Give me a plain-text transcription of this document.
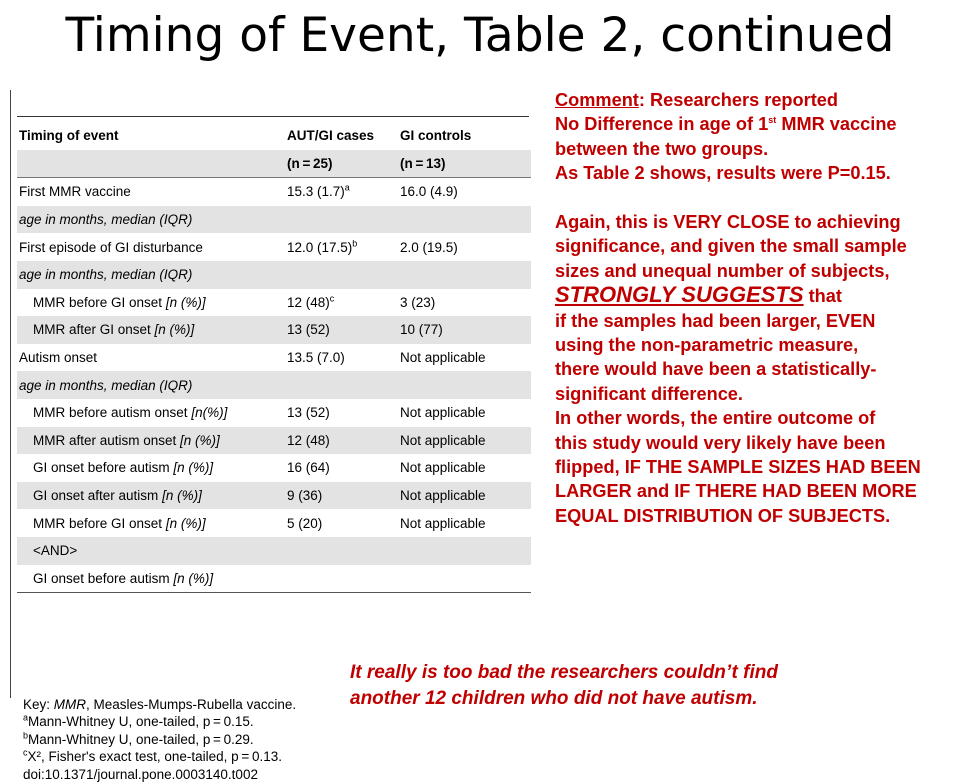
Timing of Event, Table 2, continued
Timing of event	AUT/GI cases	GI controls
	(n = 25)	(n = 13)
First MMR vaccine	15.3 $(1.7)^a$	16.0 (4.9)
age in months, median (IQR)		
First episode of GI disturbance	12.0 $(17.5)^b$	2.0 (19.5)
age in months, median (IQR)		
MMR before GI onset [n (%)]	12 $(48)^c$	3 (23)
MMR after GI onset [n (%)]	13 (52)	10 (77)
Autism onset	13.5 (7.0)	Not applicable
age in months, median (IQR)		
MMR before autism onset [n(%)]	13 (52)	Not applicable
MMR after autism onset [n (%)]	12 (48)	Not applicable
GI onset before autism [n (%)]	16 (64)	Not applicable
GI onset after autism [n (%)]	9 (36)	Not applicable
MMR before GI onset [n (%)]	5 (20)	Not applicable
<AND>		
GI onset before autism [n (%)]		
Key: MMR, Measles-Mumps-Rubella vaccine.
$^a$Mann-Whitney U, one-tailed, p = 0.15.
$^b$Mann-Whitney U, one-tailed, p = 0.29.
$^c$X², Fisher's exact test, one-tailed, p = 0.13.
doi:10.1371/journal.pone.0003140.t002
Comment: Researchers reported
No Difference in age of 1st MMR vaccine
between the two groups.
As Table 2 shows, results were P=0.15.
Again, this is VERY CLOSE to achieving
significance, and given the small sample
sizes and unequal number of subjects,
STRONGLY SUGGESTS that
if the samples had been larger, EVEN
using the non-parametric measure,
there would have been a statistically-
significant difference.
In other words, the entire outcome of
this study would very likely have been
flipped, IF THE SAMPLE SIZES HAD BEEN
LARGER and IF THERE HAD BEEN MORE
EQUAL DISTRIBUTION OF SUBJECTS.
It really is too bad the researchers couldn’t find
another 12 children who did not have autism.
